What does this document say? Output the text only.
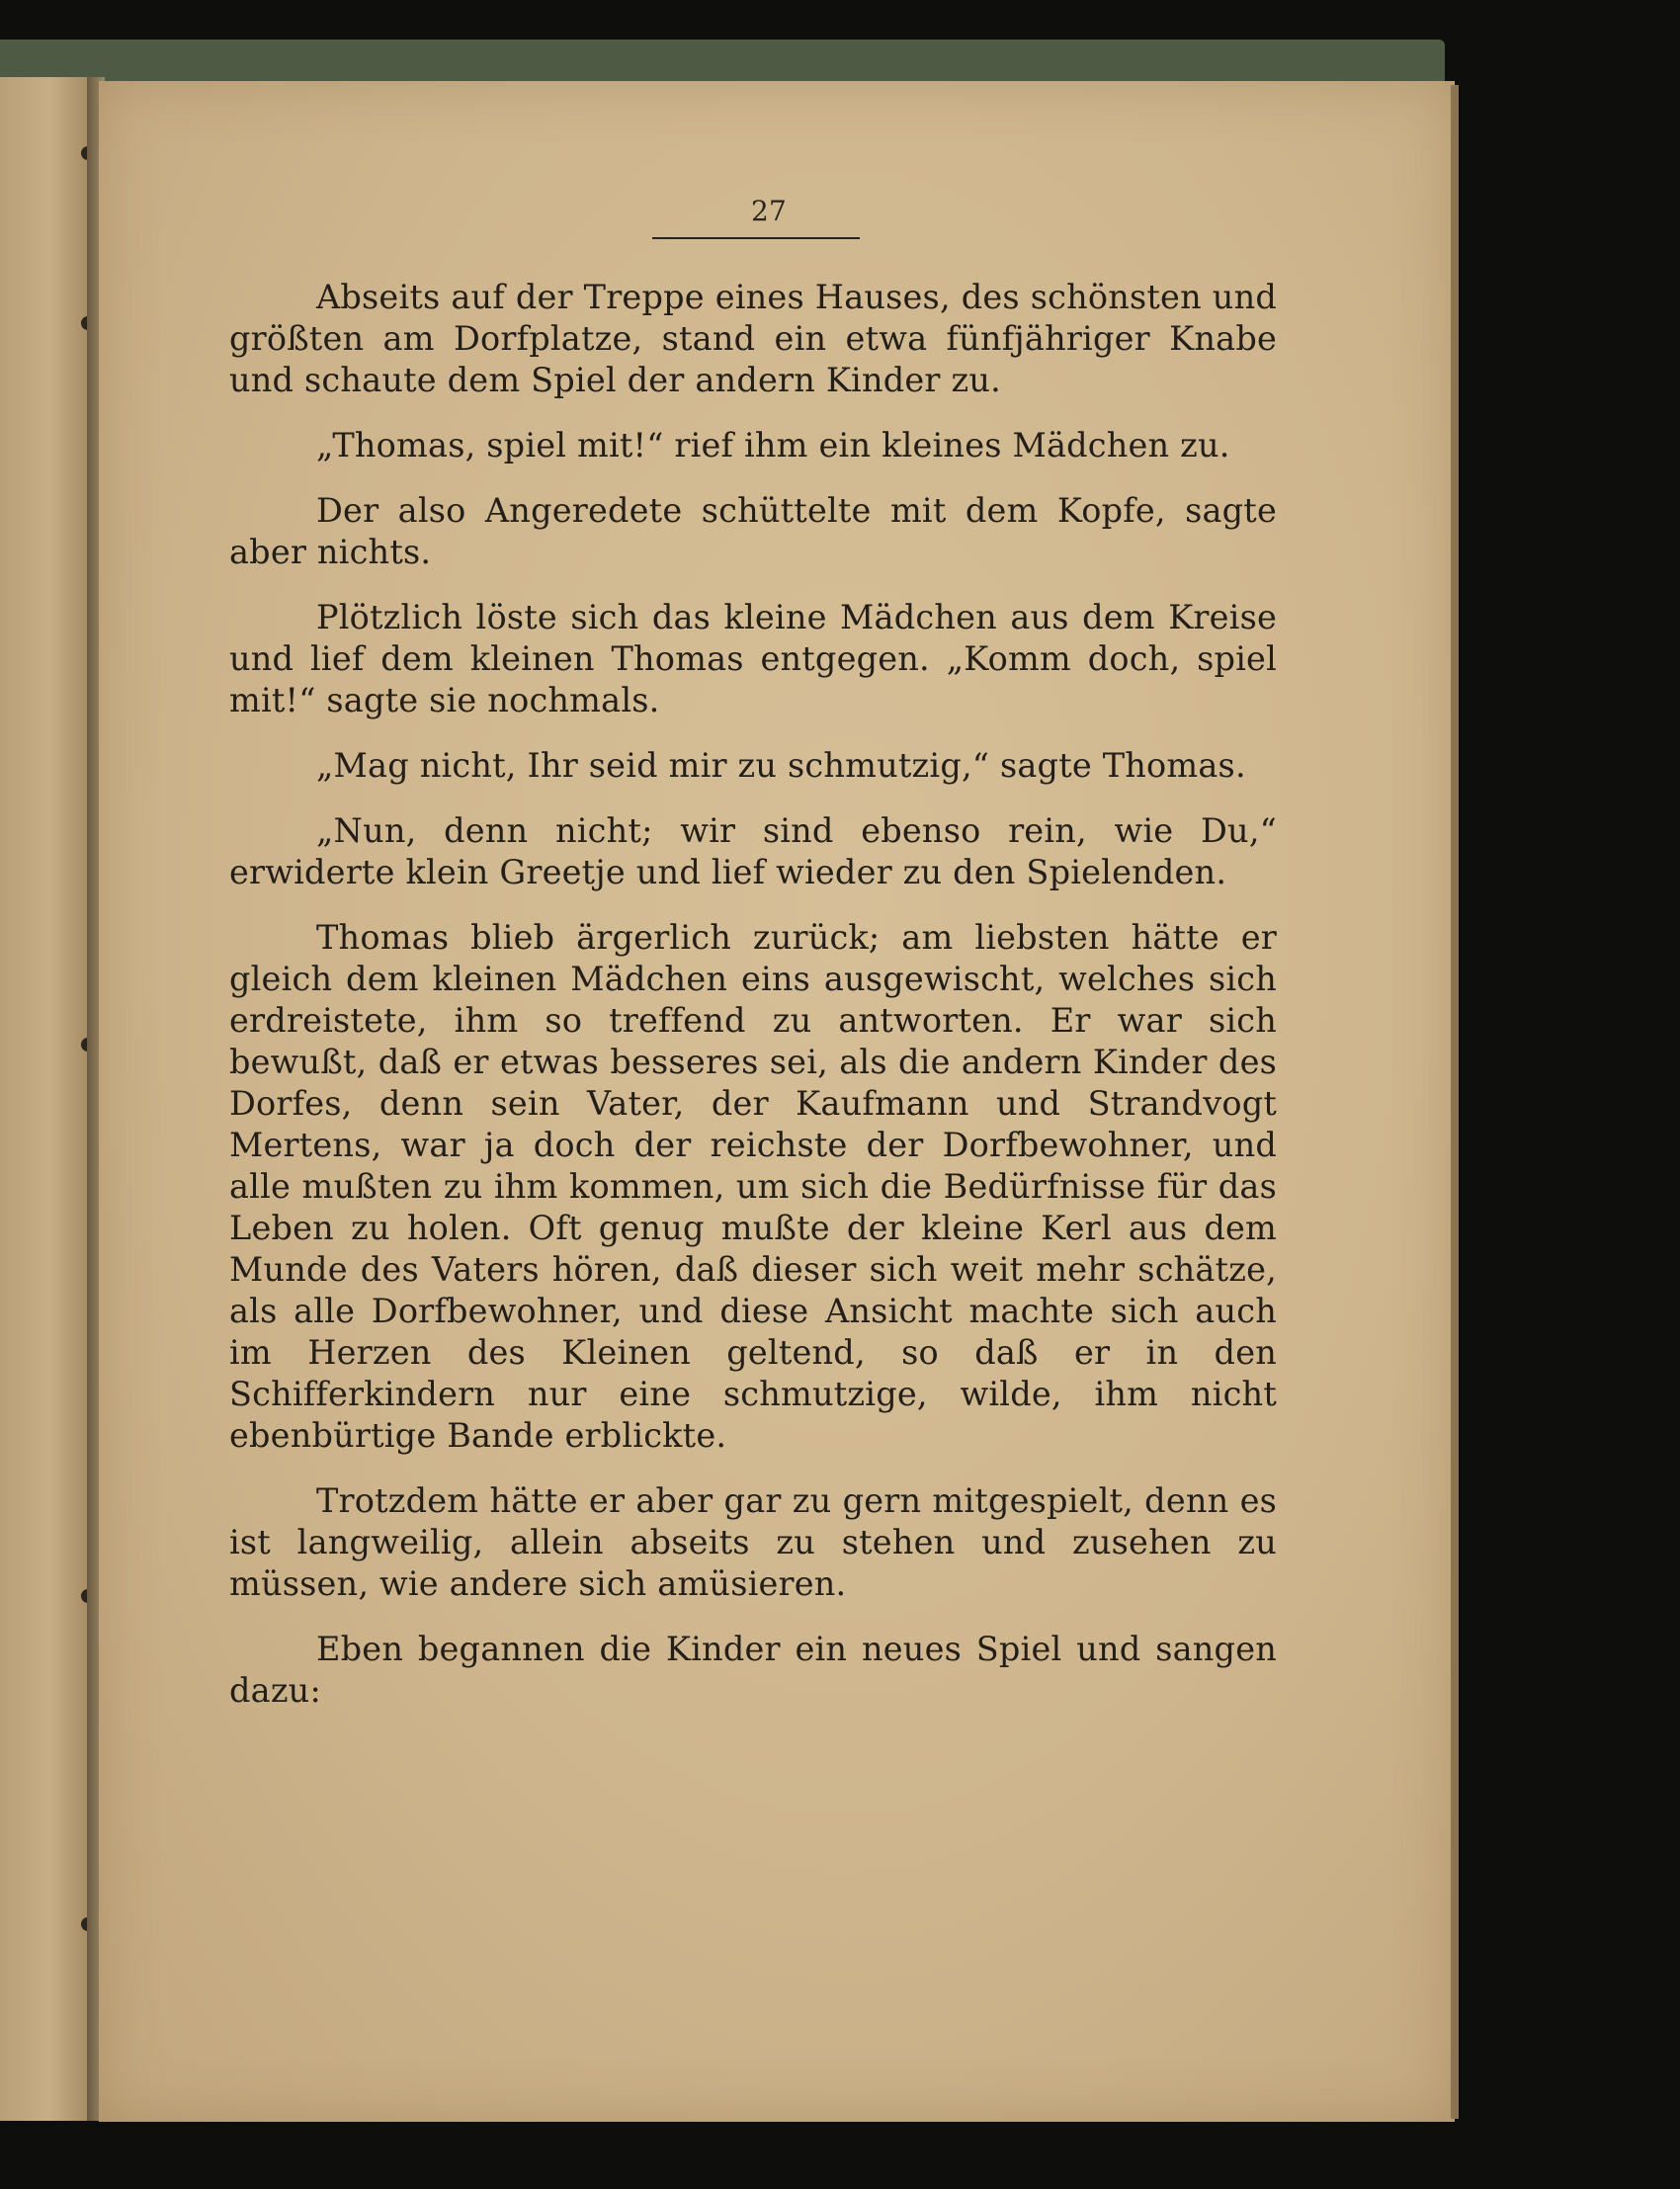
27

Abseits auf der Treppe eines Hauses, des schönsten und größten am Dorfplatze, stand ein etwa fünfjähriger Knabe und schaute dem Spiel der andern Kinder zu.

„Thomas, spiel mit!“ rief ihm ein kleines Mädchen zu.

Der also Angeredete schüttelte mit dem Kopfe, sagte aber nichts.

Plötzlich löste sich das kleine Mädchen aus dem Kreise und lief dem kleinen Thomas entgegen. „Komm doch, spiel mit!“ sagte sie nochmals.

„Mag nicht, Ihr seid mir zu schmutzig,“ sagte Thomas.

„Nun, denn nicht; wir sind ebenso rein, wie Du,“ erwiderte klein Greetje und lief wieder zu den Spielenden.

Thomas blieb ärgerlich zurück; am liebsten hätte er gleich dem kleinen Mädchen eins ausgewischt, welches sich erdreistete, ihm so treffend zu antworten. Er war sich bewußt, daß er etwas besseres sei, als die andern Kinder des Dorfes, denn sein Vater, der Kaufmann und Strandvogt Mertens, war ja doch der reichste der Dorfbewohner, und alle mußten zu ihm kommen, um sich die Bedürfnisse für das Leben zu holen. Oft genug mußte der kleine Kerl aus dem Munde des Vaters hören, daß dieser sich weit mehr schätze, als alle Dorfbewohner, und diese Ansicht machte sich auch im Herzen des Kleinen geltend, so daß er in den Schifferkindern nur eine schmutzige, wilde, ihm nicht ebenbürtige Bande erblickte.

Trotzdem hätte er aber gar zu gern mitgespielt, denn es ist langweilig, allein abseits zu stehen und zusehen zu müssen, wie andere sich amüsieren.

Eben begannen die Kinder ein neues Spiel und sangen dazu:
